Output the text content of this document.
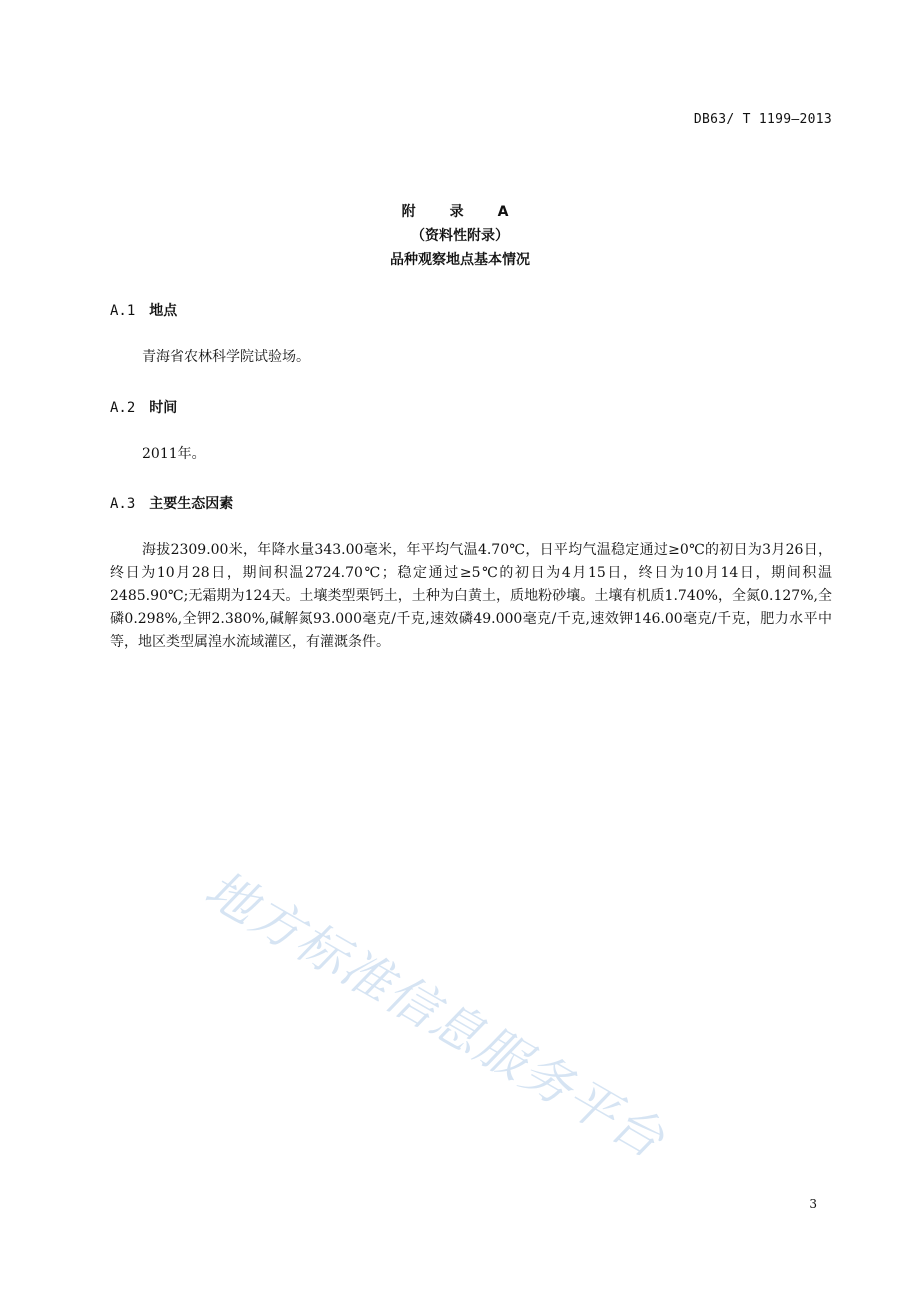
DB63/ T 1199—2013
附　录　A
（资料性附录）
品种观察地点基本情况
A.1 地点
青海省农林科学院试验场。
A.2 时间
2011年。
A.3 主要生态因素
海拔2309.00米，年降水量343.00毫米，年平均气温4.70℃，日平均气温稳定通过≥0℃的初日为3月26日，终日为10月28日，期间积温2724.70℃；稳定通过≥5℃的初日为4月15日，终日为10月14日，期间积温2485.90℃;无霜期为124天。土壤类型栗钙土，土种为白黄土，质地粉砂壤。土壤有机质1.740%，全氮0.127%,全磷0.298%,全钾2.380%,碱解氮93.000毫克/千克,速效磷49.000毫克/千克,速效钾146.00毫克/千克，肥力水平中等，地区类型属湟水流域灌区，有灌溉条件。
地方标准信息服务平台
3
